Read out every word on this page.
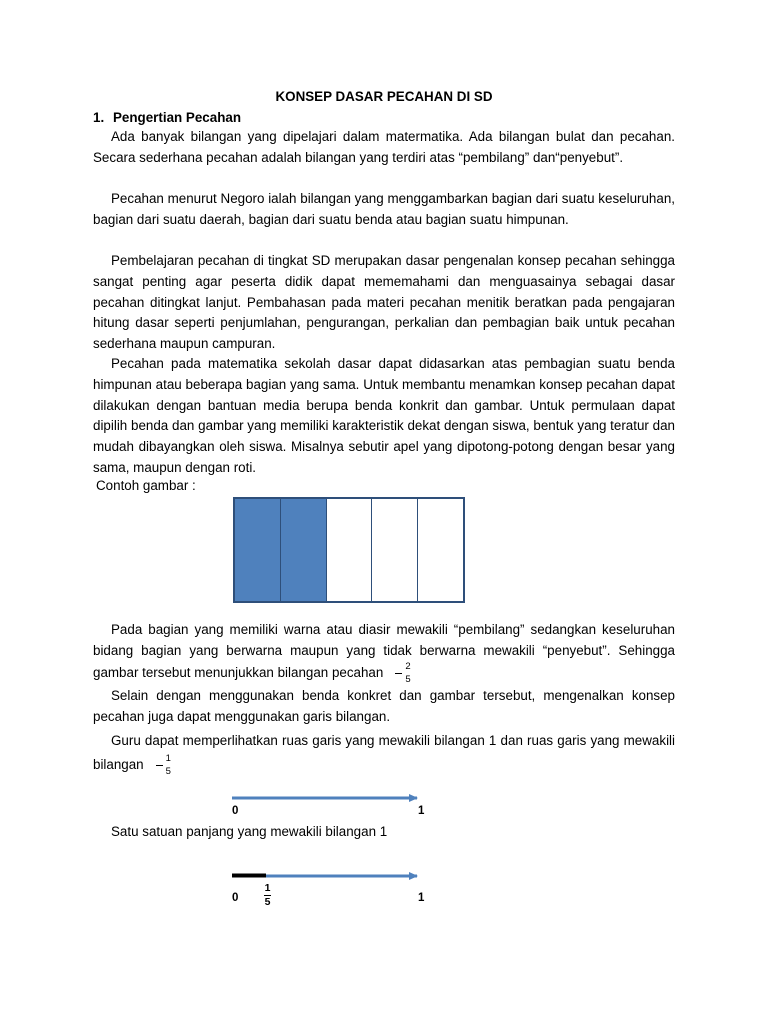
KONSEP DASAR PECAHAN DI SD
1. Pengertian Pecahan
Ada banyak bilangan yang dipelajari dalam matermatika. Ada bilangan bulat dan pecahan. Secara sederhana pecahan adalah bilangan yang terdiri atas “pembilang” dan“penyebut”.
Pecahan menurut Negoro ialah bilangan yang menggambarkan bagian dari suatu keseluruhan, bagian dari suatu daerah, bagian dari suatu benda atau bagian suatu himpunan.
Pembelajaran pecahan di tingkat SD merupakan dasar pengenalan konsep pecahan sehingga sangat penting agar peserta didik dapat mememahami dan menguasainya sebagai dasar pecahan ditingkat lanjut. Pembahasan pada materi pecahan menitik beratkan pada pengajaran hitung dasar seperti penjumlahan, pengurangan, perkalian dan pembagian baik untuk pecahan sederhana maupun campuran.
Pecahan pada matematika sekolah dasar dapat didasarkan atas pembagian suatu benda himpunan atau beberapa bagian yang sama. Untuk membantu menamkan konsep pecahan dapat dilakukan dengan bantuan media berupa benda konkrit dan gambar. Untuk permulaan dapat dipilih benda dan gambar yang memiliki karakteristik dekat dengan siswa, bentuk yang teratur dan mudah dibayangkan oleh siswa. Misalnya sebutir apel yang dipotong-potong dengan besar yang sama, maupun dengan roti.
Contoh gambar :
Pada bagian yang memiliki warna atau diasir mewakili “pembilang” sedangkan keseluruhan bidang bagian yang berwarna maupun yang tidak berwarna mewakili “penyebut”. Sehingga gambar tersebut menunjukkan bilangan pecahan $\frac{2}{5}$
Selain dengan menggunakan benda konkret dan gambar tersebut, mengenalkan konsep pecahan juga dapat menggunakan garis bilangan.
Guru dapat memperlihatkan ruas garis yang mewakili bilangan 1 dan ruas garis yang mewakili bilangan $\frac{1}{5}$
0	1
Satu satuan panjang yang mewakili bilangan 1
0
1
5	1
